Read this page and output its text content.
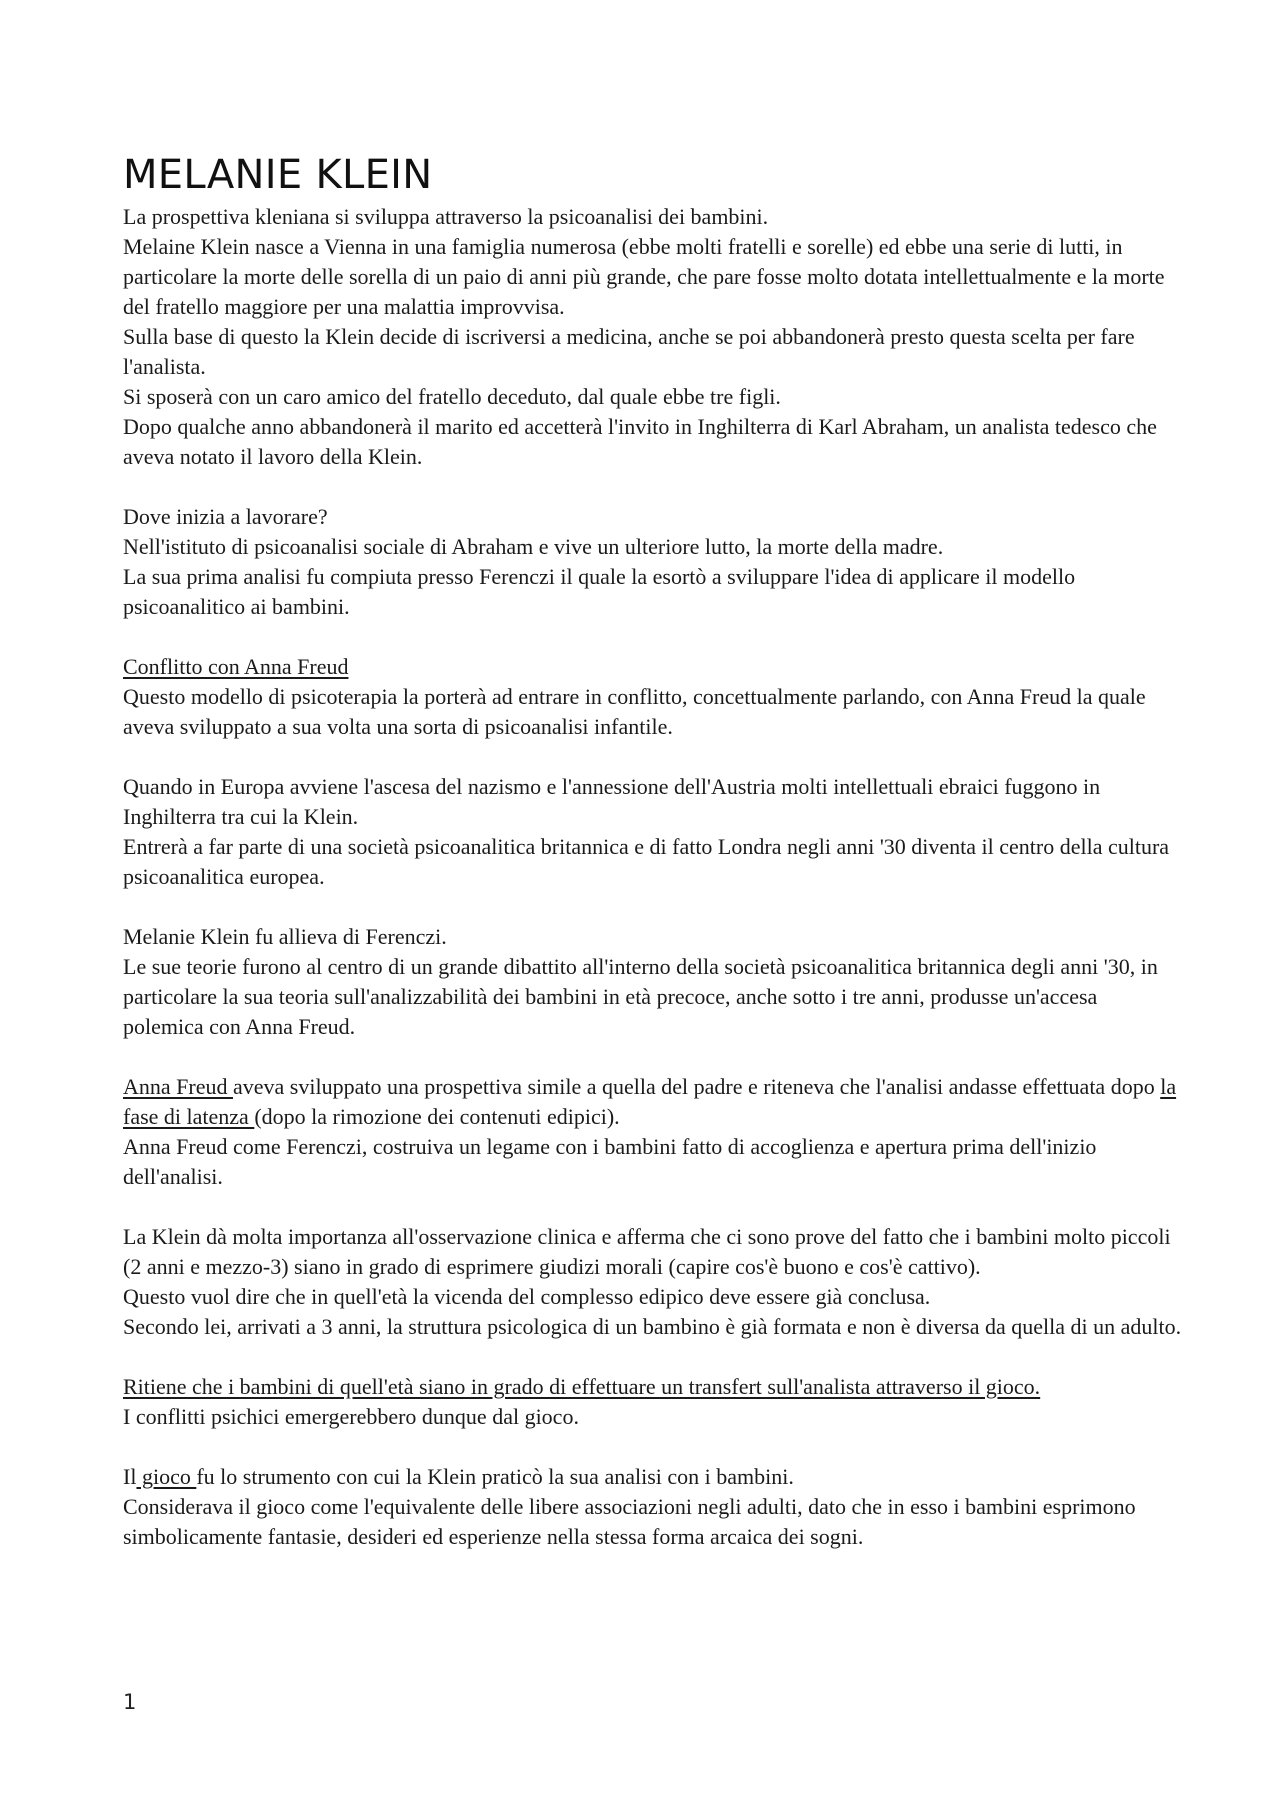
MELANIE KLEIN

La prospettiva kleniana si sviluppa attraverso la psicoanalisi dei bambini.

Melaine Klein nasce a Vienna in una famiglia numerosa (ebbe molti fratelli e sorelle) ed ebbe una serie di lutti, in particolare la morte delle sorella di un paio di anni più grande, che pare fosse molto dotata intellettualmente e la morte del fratello maggiore per una malattia improvvisa.

Sulla base di questo la Klein decide di iscriversi a medicina, anche se poi abbandonerà presto questa scelta per fare l'analista.

Si sposerà con un caro amico del fratello deceduto, dal quale ebbe tre figli.

Dopo qualche anno abbandonerà il marito ed accetterà l'invito in Inghilterra di Karl Abraham, un analista tedesco che aveva notato il lavoro della Klein.

Dove inizia a lavorare?

Nell'istituto di psicoanalisi sociale di Abraham e vive un ulteriore lutto, la morte della madre.

La sua prima analisi fu compiuta presso Ferenczi il quale la esortò a sviluppare l'idea di applicare il modello psicoanalitico ai bambini.

Conflitto con Anna Freud

Questo modello di psicoterapia la porterà ad entrare in conflitto, concettualmente parlando, con Anna Freud la quale aveva sviluppato a sua volta una sorta di psicoanalisi infantile.

Quando in Europa avviene l'ascesa del nazismo e l'annessione dell'Austria molti intellettuali ebraici fuggono in Inghilterra tra cui la Klein.

Entrerà a far parte di una società psicoanalitica britannica e di fatto Londra negli anni '30 diventa il centro della cultura psicoanalitica europea.

Melanie Klein fu allieva di Ferenczi.

Le sue teorie furono al centro di un grande dibattito all'interno della società psicoanalitica britannica degli anni '30, in particolare la sua teoria sull'analizzabilità dei bambini in età precoce, anche sotto i tre anni, produsse un'accesa polemica con Anna Freud.

Anna Freud aveva sviluppato una prospettiva simile a quella del padre e riteneva che l'analisi andasse effettuata dopo la fase di latenza (dopo la rimozione dei contenuti edipici).

Anna Freud come Ferenczi, costruiva un legame con i bambini fatto di accoglienza e apertura prima dell'inizio dell'analisi.

La Klein dà molta importanza all'osservazione clinica e afferma che ci sono prove del fatto che i bambini molto piccoli (2 anni e mezzo-3) siano in grado di esprimere giudizi morali (capire cos'è buono e cos'è cattivo).

Questo vuol dire che in quell'età la vicenda del complesso edipico deve essere già conclusa.

Secondo lei, arrivati a 3 anni, la struttura psicologica di un bambino è già formata e non è diversa da quella di un adulto.

Ritiene che i bambini di quell'età siano in grado di effettuare un transfert sull'analista attraverso il gioco.

I conflitti psichici emergerebbero dunque dal gioco.

Il gioco fu lo strumento con cui la Klein praticò la sua analisi con i bambini.

Considerava il gioco come l'equivalente delle libere associazioni negli adulti, dato che in esso i bambini esprimono simbolicamente fantasie, desideri ed esperienze nella stessa forma arcaica dei sogni.

1
